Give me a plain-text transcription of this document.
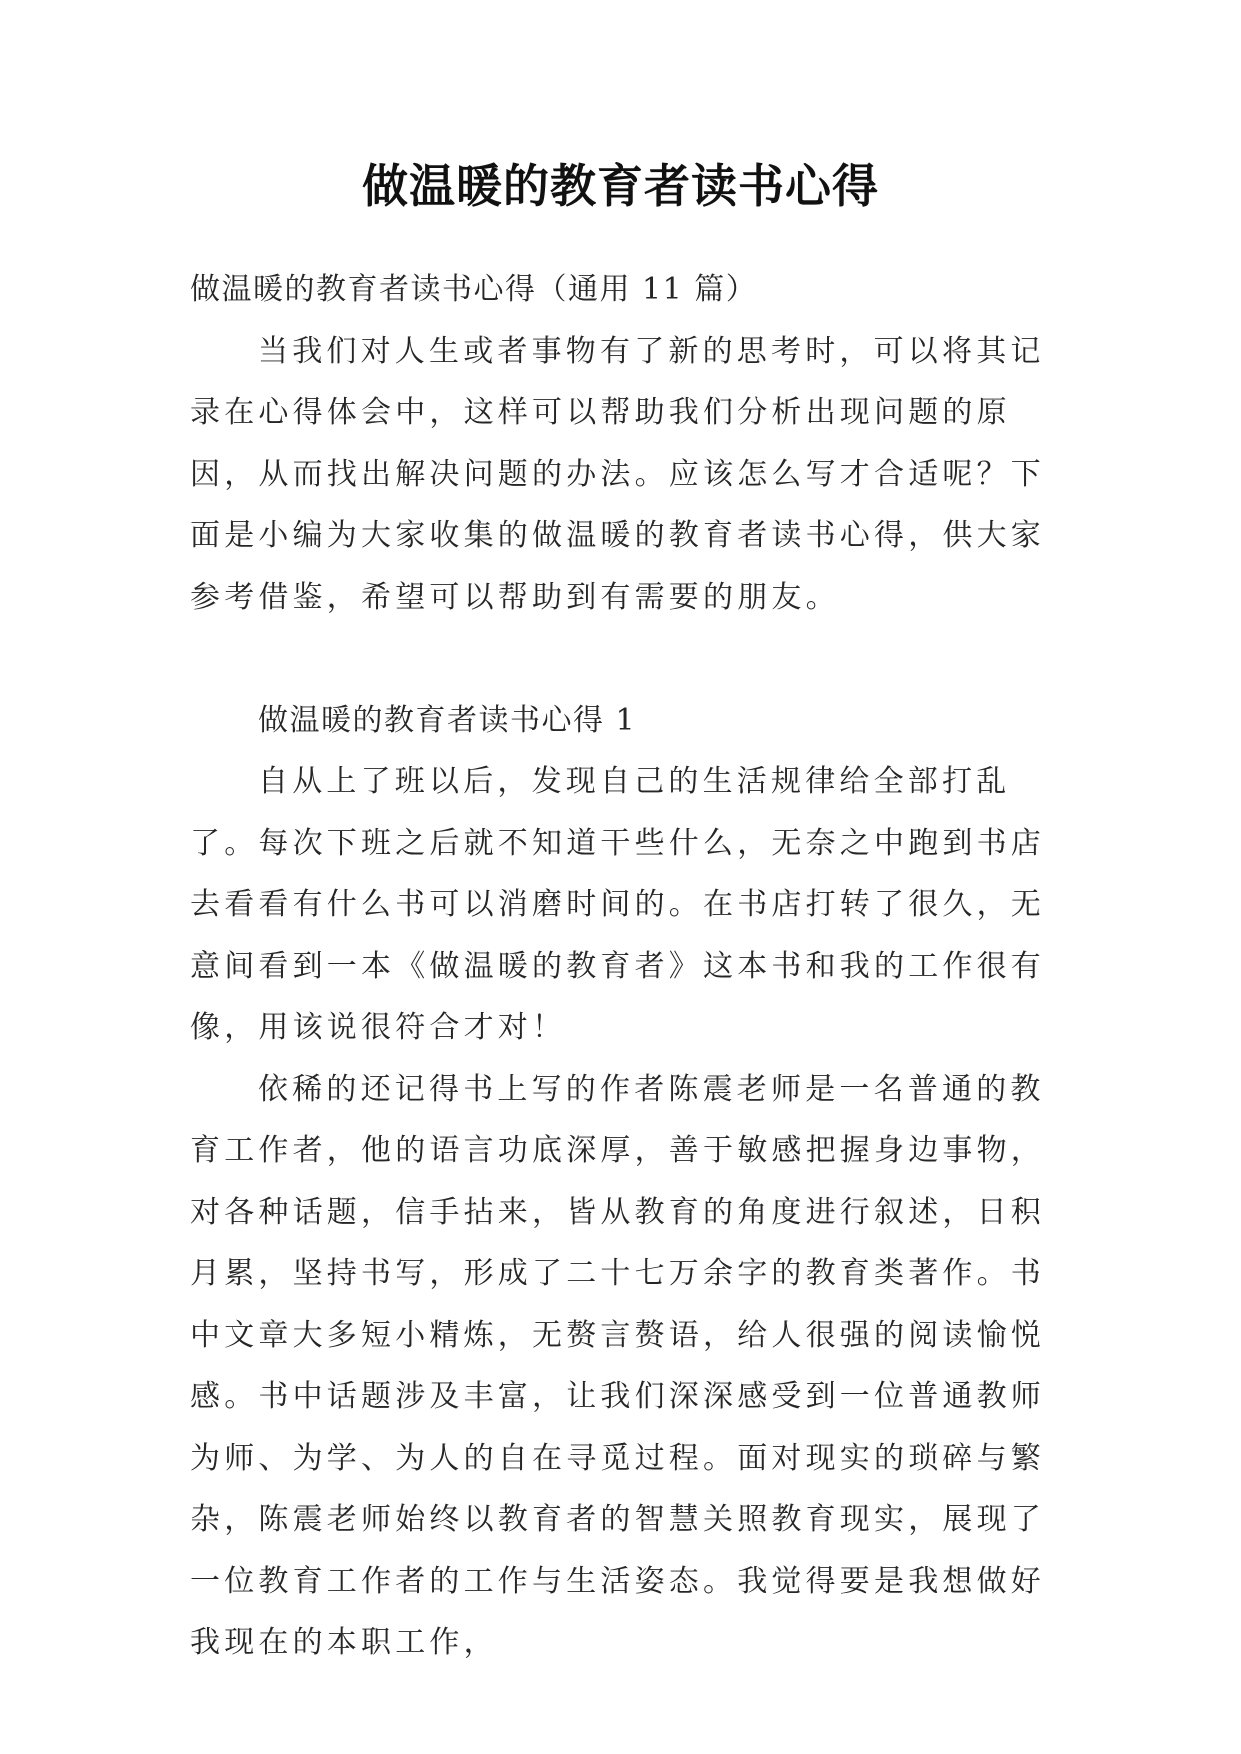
做温暖的教育者读书心得

做温暖的教育者读书心得（通用 11 篇）

当我们对人生或者事物有了新的思考时，可以将其记录在心得体会中，这样可以帮助我们分析出现问题的原因，从而找出解决问题的办法。应该怎么写才合适呢？下面是小编为大家收集的做温暖的教育者读书心得，供大家参考借鉴，希望可以帮助到有需要的朋友。

做温暖的教育者读书心得 1

自从上了班以后，发现自己的生活规律给全部打乱了。每次下班之后就不知道干些什么，无奈之中跑到书店去看看有什么书可以消磨时间的。在书店打转了很久，无意间看到一本《做温暖的教育者》这本书和我的工作很有像，用该说很符合才对！

依稀的还记得书上写的作者陈震老师是一名普通的教育工作者，他的语言功底深厚，善于敏感把握身边事物，对各种话题，信手拈来，皆从教育的角度进行叙述，日积月累，坚持书写，形成了二十七万余字的教育类著作。书中文章大多短小精炼，无赘言赘语，给人很强的阅读愉悦感。书中话题涉及丰富，让我们深深感受到一位普通教师为师、为学、为人的自在寻觅过程。面对现实的琐碎与繁杂，陈震老师始终以教育者的智慧关照教育现实，展现了一位教育工作者的工作与生活姿态。我觉得要是我想做好我现在的本职工作，
